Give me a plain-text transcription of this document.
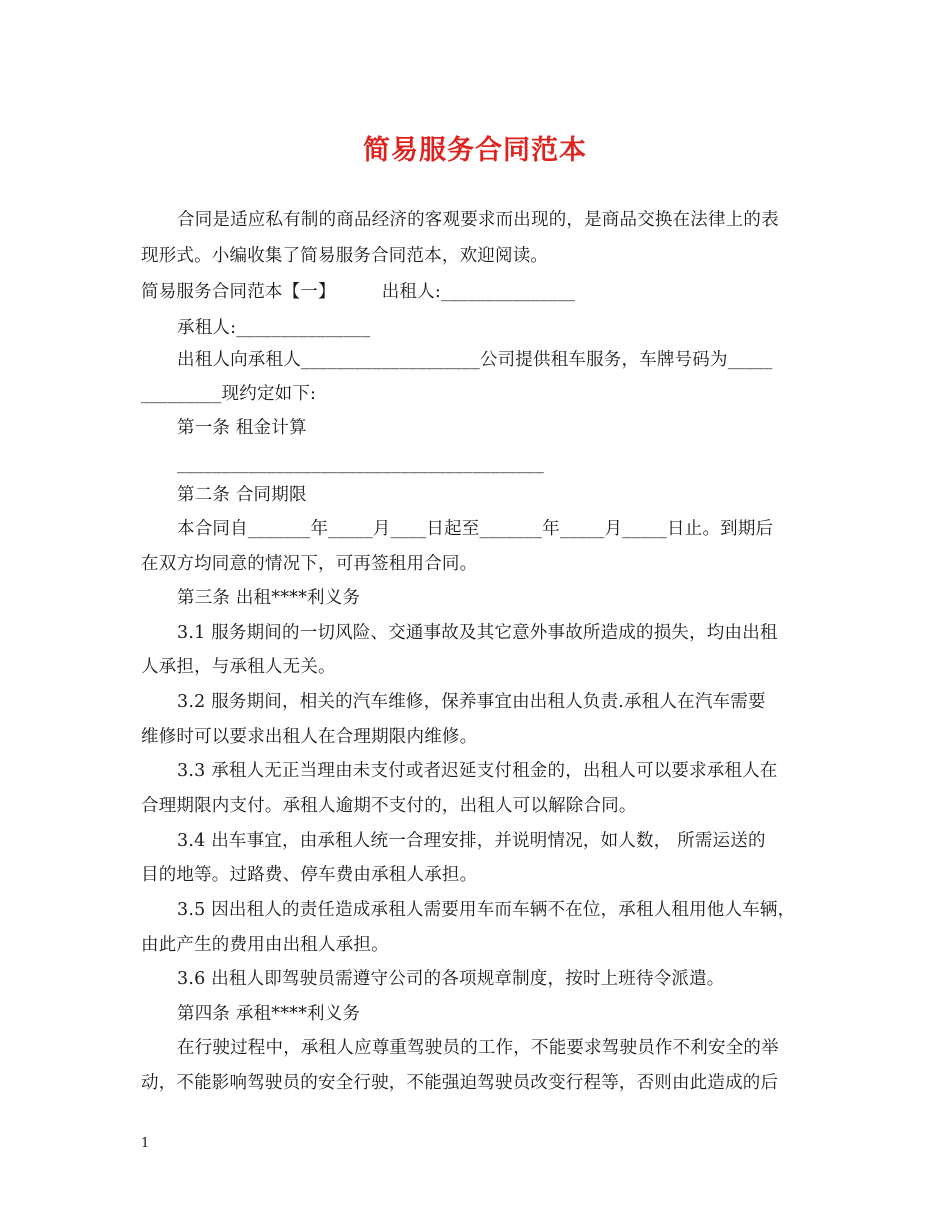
简易服务合同范本

合同是适应私有制的商品经济的客观要求而出现的，是商品交换在法律上的表

现形式。小编收集了简易服务合同范本，欢迎阅读。

简易服务合同范本【一】        出租人:_______________

承租人:_______________

出租人向承租人____________________公司提供租车服务，车牌号码为_____

_________现约定如下:

第一条 租金计算

_________________________________________

第二条 合同期限

本合同自_______年_____月____日起至_______年_____月_____日止。到期后

在双方均同意的情况下，可再签租用合同。

第三条 出租****利义务

3.1 服务期间的一切风险、交通事故及其它意外事故所造成的损失，均由出租

人承担，与承租人无关。

3.2 服务期间，相关的汽车维修，保养事宜由出租人负责.承租人在汽车需要

维修时可以要求出租人在合理期限内维修。

3.3 承租人无正当理由未支付或者迟延支付租金的，出租人可以要求承租人在

合理期限内支付。承租人逾期不支付的，出租人可以解除合同。

3.4 出车事宜，由承租人统一合理安排，并说明情况，如人数， 所需运送的

目的地等。过路费、停车费由承租人承担。

3.5 因出租人的责任造成承租人需要用车而车辆不在位，承租人租用他人车辆，

由此产生的费用由出租人承担。

3.6 出租人即驾驶员需遵守公司的各项规章制度，按时上班待令派遣。

第四条 承租****利义务

在行驶过程中，承租人应尊重驾驶员的工作，不能要求驾驶员作不利安全的举

动，不能影响驾驶员的安全行驶，不能强迫驾驶员改变行程等，否则由此造成的后

1
